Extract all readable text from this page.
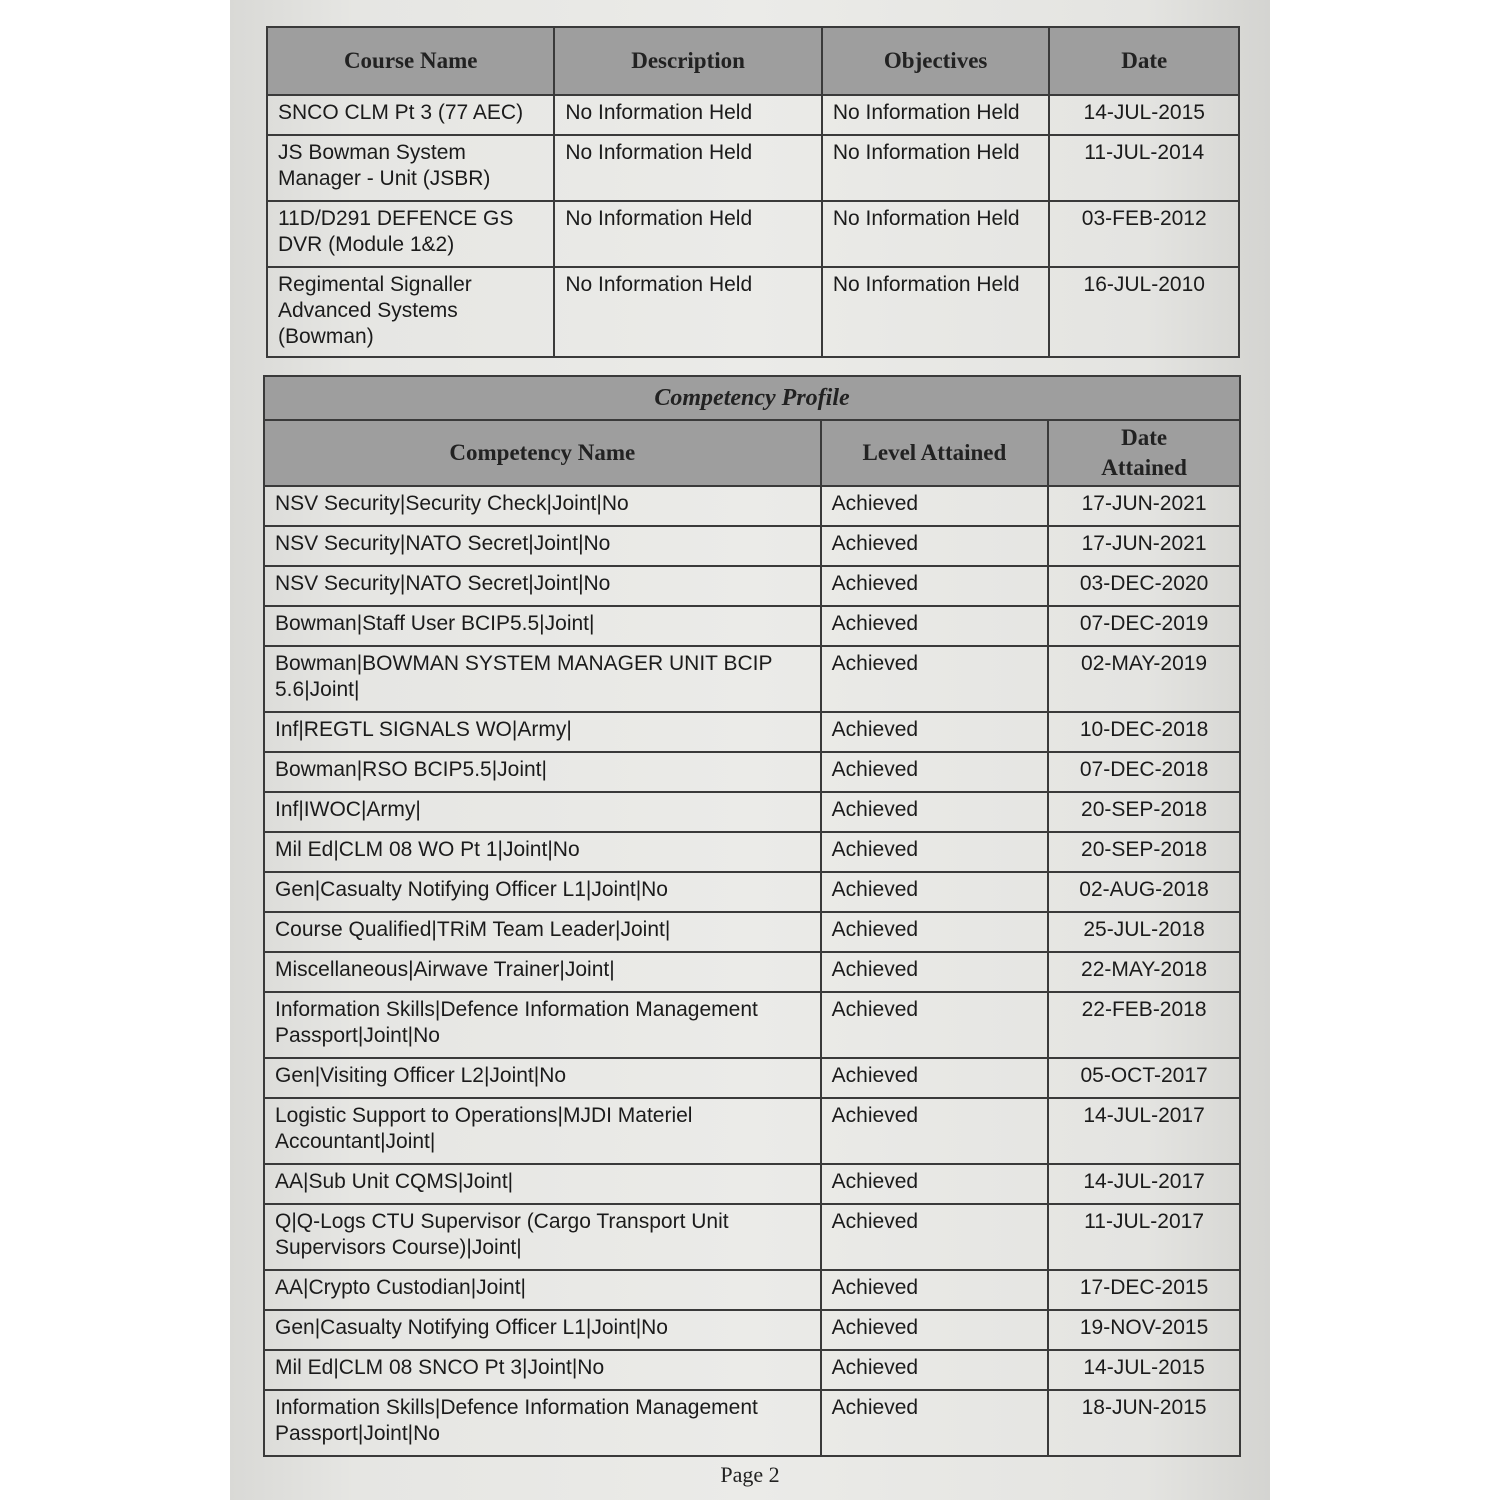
Course Name	Description	Objectives	Date
SNCO CLM Pt 3 (77 AEC)	No Information Held	No Information Held	14-JUL-2015
JS Bowman System Manager - Unit (JSBR)	No Information Held	No Information Held	11-JUL-2014
11D/D291 DEFENCE GS DVR (Module 1&2)	No Information Held	No Information Held	03-FEB-2012
Regimental Signaller Advanced Systems (Bowman)	No Information Held	No Information Held	16-JUL-2010
Competency Profile		
Competency Name	Level Attained	Date Attained
NSV Security|Security Check|Joint|No	Achieved	17-JUN-2021
NSV Security|NATO Secret|Joint|No	Achieved	17-JUN-2021
NSV Security|NATO Secret|Joint|No	Achieved	03-DEC-2020
Bowman|Staff User BCIP5.5|Joint|	Achieved	07-DEC-2019
Bowman|BOWMAN SYSTEM MANAGER UNIT BCIP 5.6|Joint|	Achieved	02-MAY-2019
Inf|REGTL SIGNALS WO|Army|	Achieved	10-DEC-2018
Bowman|RSO BCIP5.5|Joint|	Achieved	07-DEC-2018
Inf|IWOC|Army|	Achieved	20-SEP-2018
Mil Ed|CLM 08 WO Pt 1|Joint|No	Achieved	20-SEP-2018
Gen|Casualty Notifying Officer L1|Joint|No	Achieved	02-AUG-2018
Course Qualified|TRiM Team Leader|Joint|	Achieved	25-JUL-2018
Miscellaneous|Airwave Trainer|Joint|	Achieved	22-MAY-2018
Information Skills|Defence Information Management Passport|Joint|No	Achieved	22-FEB-2018
Gen|Visiting Officer L2|Joint|No	Achieved	05-OCT-2017
Logistic Support to Operations|MJDI Materiel Accountant|Joint|	Achieved	14-JUL-2017
AA|Sub Unit CQMS|Joint|	Achieved	14-JUL-2017
Q|Q-Logs CTU Supervisor (Cargo Transport Unit Supervisors Course)|Joint|	Achieved	11-JUL-2017
AA|Crypto Custodian|Joint|	Achieved	17-DEC-2015
Gen|Casualty Notifying Officer L1|Joint|No	Achieved	19-NOV-2015
Mil Ed|CLM 08 SNCO Pt 3|Joint|No	Achieved	14-JUL-2015
Information Skills|Defence Information Management Passport|Joint|No	Achieved	18-JUN-2015
Page 2
